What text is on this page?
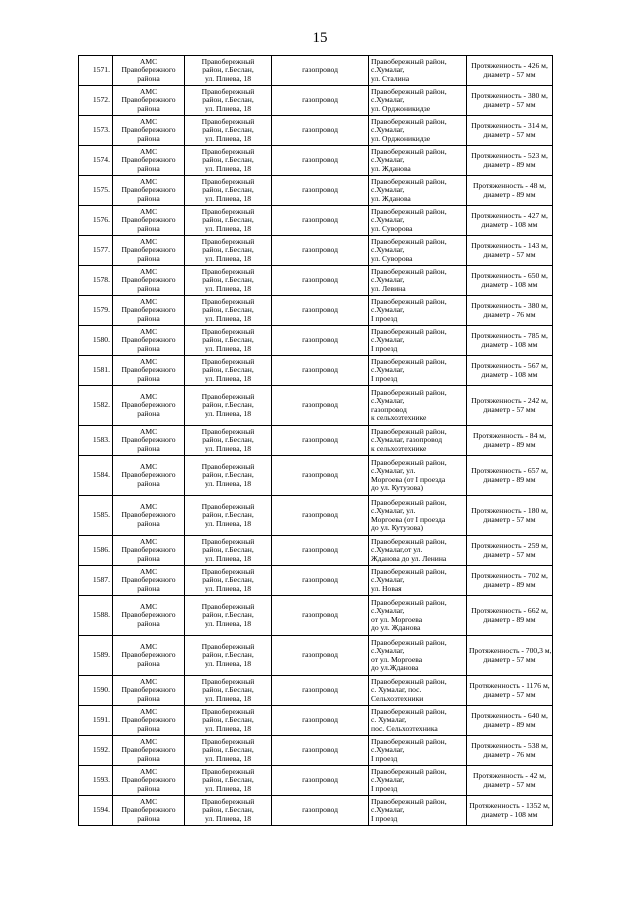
15
1571.	АМС
Правобережного
района	Правобережный
район, г.Беслан,
ул. Плиева, 18	газопровод	Правобережный район,
с.Хумалаг,
ул. Сталина	Протяженность - 426 м,
диаметр - 57 мм

1572.	АМС
Правобережного
района	Правобережный
район, г.Беслан,
ул. Плиева, 18	газопровод	Правобережный район,
с.Хумалаг,
ул. Орджоникидзе	Протяженность - 380 м,
диаметр - 57 мм

1573.	АМС
Правобережного
района	Правобережный
район, г.Беслан,
ул. Плиева, 18	газопровод	Правобережный район,
с.Хумалаг,
ул. Орджоникидзе	Протяженность - 314 м,
диаметр - 57 мм

1574.	АМС
Правобережного
района	Правобережный
район, г.Беслан,
ул. Плиева, 18	газопровод	Правобережный район,
с.Хумалаг,
ул. Жданова	Протяженность - 523 м,
диаметр - 89 мм

1575.	АМС
Правобережного
района	Правобережный
район, г.Беслан,
ул. Плиева, 18	газопровод	Правобережный район,
с.Хумалаг,
ул. Жданова	Протяженность - 48 м,
диаметр - 89 мм

1576.	АМС
Правобережного
района	Правобережный
район, г.Беслан,
ул. Плиева, 18	газопровод	Правобережный район,
с.Хумалаг,
ул. Суворова	Протяженность - 427 м,
диаметр - 108 мм

1577.	АМС
Правобережного
района	Правобережный
район, г.Беслан,
ул. Плиева, 18	газопровод	Правобережный район,
с.Хумалаг,
ул. Суворова	Протяженность - 143 м,
диаметр - 57 мм

1578.	АМС
Правобережного
района	Правобережный
район, г.Беслан,
ул. Плиева, 18	газопровод	Правобережный район,
с.Хумалаг,
ул. Левина	Протяженность - 650 м,
диаметр - 108 мм

1579.	АМС
Правобережного
района	Правобережный
район, г.Беслан,
ул. Плиева, 18	газопровод	Правобережный район,
с.Хумалаг,
I проезд	Протяженность - 380 м,
диаметр - 76 мм

1580.	АМС
Правобережного
района	Правобережный
район, г.Беслан,
ул. Плиева, 18	газопровод	Правобережный район,
с.Хумалаг,
I проезд	Протяженность - 785 м,
диаметр - 108 мм

1581.	АМС
Правобережного
района	Правобережный
район, г.Беслан,
ул. Плиева, 18	газопровод	Правобережный район,
с.Хумалаг,
I проезд	Протяженность - 567 м,
диаметр - 108 мм

1582.	АМС
Правобережного
района	Правобережный
район, г.Беслан,
ул. Плиева, 18	газопровод	Правобережный район,
с.Хумалаг,
газопровод
к сельхозтехнике	Протяженность - 242 м,
диаметр - 57 мм

1583.	АМС
Правобережного
района	Правобережный
район, г.Беслан,
ул. Плиева, 18	газопровод	Правобережный район,
с.Хумалаг, газопровод
к сельхозтехнике	Протяженность - 84 м,
диаметр - 89 мм

1584.	АМС
Правобережного
района	Правобережный
район, г.Беслан,
ул. Плиева, 18	газопровод	Правобережный район,
с.Хумалаг, ул.
Моргоева (от I проезда
до ул. Кутузова)	Протяженность - 657 м,
диаметр - 89 мм

1585.	АМС
Правобережного
района	Правобережный
район, г.Беслан,
ул. Плиева, 18	газопровод	Правобережный район,
с.Хумалаг, ул.
Моргоева (от I проезда
до ул. Кутузова)	Протяженность - 180 м,
диаметр - 57 мм

1586.	АМС
Правобережного
района	Правобережный
район, г.Беслан,
ул. Плиева, 18	газопровод	Правобережный район,
с.Хумалаг,от ул.
Жданова до ул. Ленина	Протяженность - 259 м,
диаметр - 57 мм

1587.	АМС
Правобережного
района	Правобережный
район, г.Беслан,
ул. Плиева, 18	газопровод	Правобережный район,
с.Хумалаг,
ул. Новая	Протяженность - 702 м,
диаметр - 89 мм

1588.	АМС
Правобережного
района	Правобережный
район, г.Беслан,
ул. Плиева, 18	газопровод	Правобережный район,
с.Хумалаг,
от ул. Моргоева
до ул. Жданова	Протяженность - 662 м,
диаметр - 89 мм

1589.	АМС
Правобережного
района	Правобережный
район, г.Беслан,
ул. Плиева, 18	газопровод	Правобережный район,
с.Хумалаг,
от ул. Моргоева
до ул.Жданова	Протяженность - 700,3 м,
диаметр - 57 мм

1590.	АМС
Правобережного
района	Правобережный
район, г.Беслан,
ул. Плиева, 18	газопровод	Правобережный район,
с. Хумалаг, пос.
Сельхозтехники	Протяженность - 1176 м,
диаметр - 57 мм

1591.	АМС
Правобережного
района	Правобережный
район, г.Беслан,
ул. Плиева, 18	газопровод	Правобережный район,
с. Хумалаг,
пос. Сельхозтехника	Протяженность - 640 м,
диаметр - 89 мм

1592.	АМС
Правобережного
района	Правобережный
район, г.Беслан,
ул. Плиева, 18	газопровод	Правобережный район,
с.Хумалаг,
I проезд	Протяженность - 538 м,
диаметр - 76 мм

1593.	АМС
Правобережного
района	Правобережный
район, г.Беслан,
ул. Плиева, 18	газопровод	Правобережный район,
с.Хумалаг,
I проезд	Протяженность - 42 м,
диаметр - 57 мм

1594.	АМС
Правобережного
района	Правобережный
район, г.Беслан,
ул. Плиева, 18	газопровод	Правобережный район,
с.Хумалаг,
I проезд	Протяженность - 1352 м,
диаметр - 108 мм
